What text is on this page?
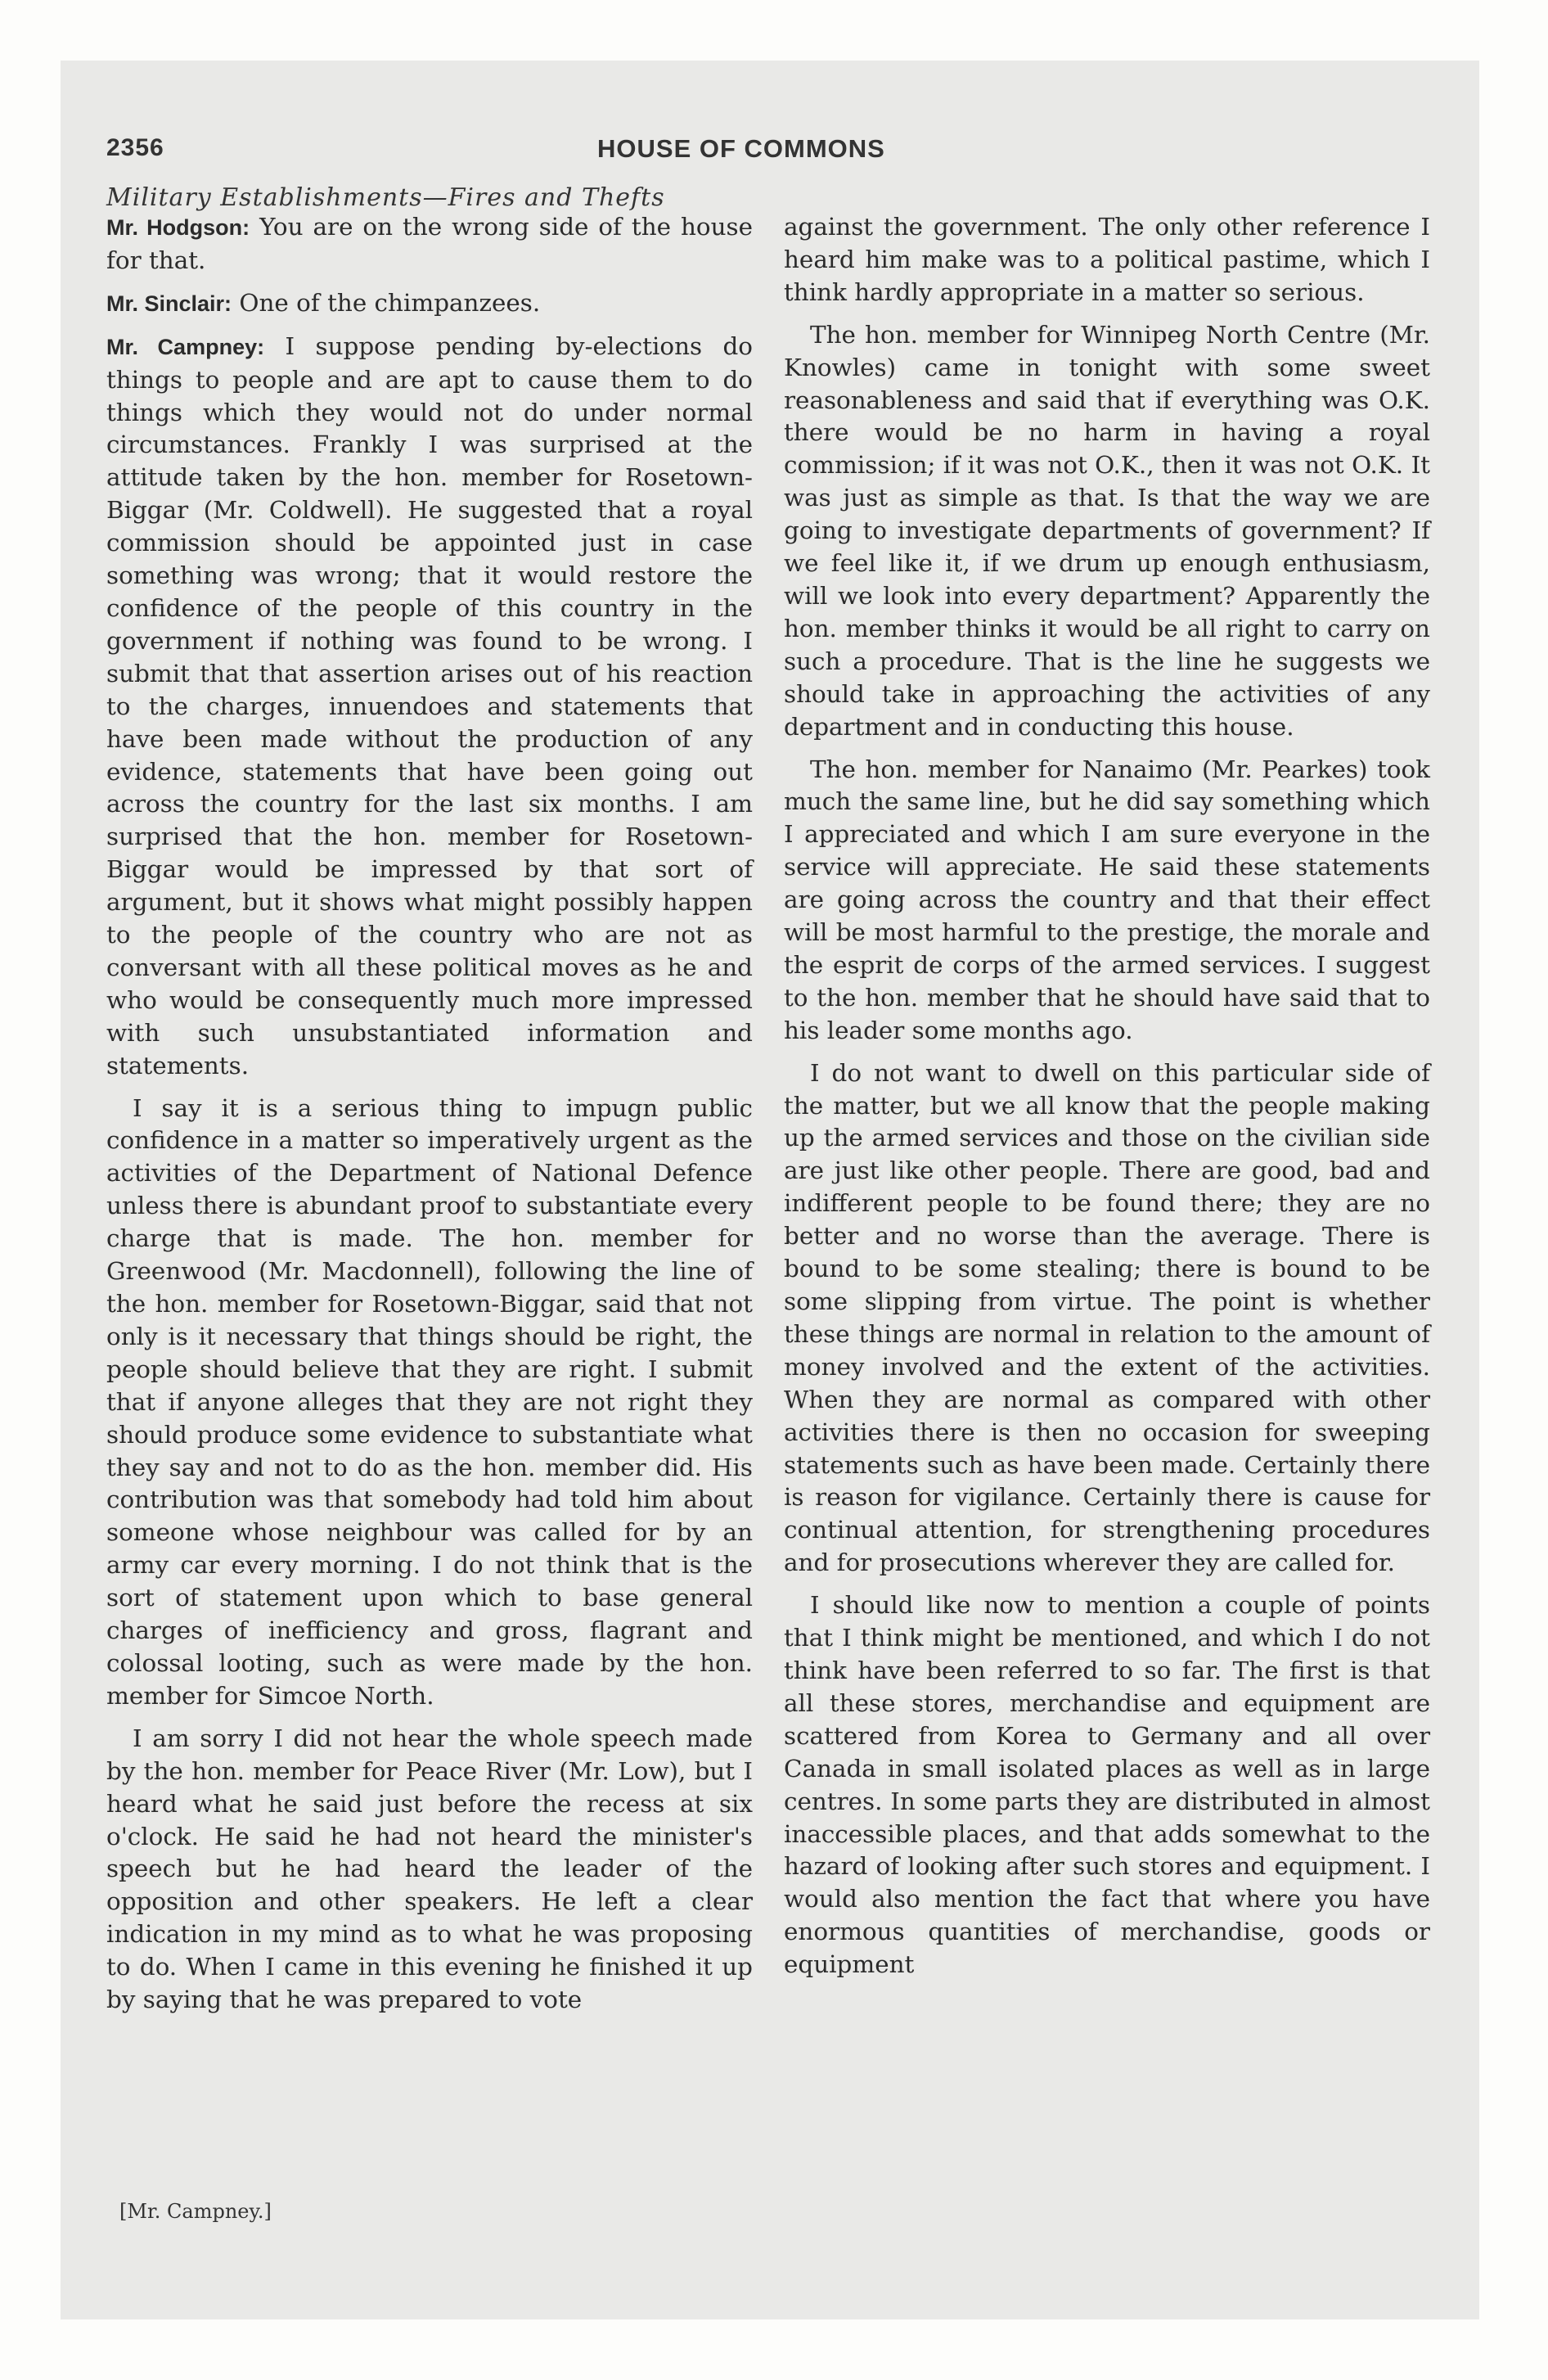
2356	HOUSE OF COMMONS
Military Establishments—Fires and Thefts

Mr. Hodgson: You are on the wrong side of the house for that.

Mr. Sinclair: One of the chimpanzees.

Mr. Campney: I suppose pending by-elections do things to people and are apt to cause them to do things which they would not do under normal circumstances. Frankly I was surprised at the attitude taken by the hon. member for Rosetown-Biggar (Mr. Coldwell). He suggested that a royal commission should be appointed just in case something was wrong; that it would restore the confidence of the people of this country in the government if nothing was found to be wrong. I submit that that assertion arises out of his reaction to the charges, innuendoes and statements that have been made without the production of any evidence, statements that have been going out across the country for the last six months. I am surprised that the hon. member for Rosetown-Biggar would be impressed by that sort of argument, but it shows what might possibly happen to the people of the country who are not as conversant with all these political moves as he and who would be consequently much more impressed with such unsubstantiated information and statements.

I say it is a serious thing to impugn public confidence in a matter so imperatively urgent as the activities of the Department of National Defence unless there is abundant proof to substantiate every charge that is made. The hon. member for Greenwood (Mr. Macdonnell), following the line of the hon. member for Rosetown-Biggar, said that not only is it necessary that things should be right, the people should believe that they are right. I submit that if anyone alleges that they are not right they should produce some evidence to substantiate what they say and not to do as the hon. member did. His contribution was that somebody had told him about someone whose neighbour was called for by an army car every morning. I do not think that is the sort of statement upon which to base general charges of inefficiency and gross, flagrant and colossal looting, such as were made by the hon. member for Simcoe North.

I am sorry I did not hear the whole speech made by the hon. member for Peace River (Mr. Low), but I heard what he said just before the recess at six o'clock. He said he had not heard the minister's speech but he had heard the leader of the opposition and other speakers. He left a clear indication in my mind as to what he was proposing to do. When I came in this evening he finished it up by saying that he was prepared to vote

against the government. The only other reference I heard him make was to a political pastime, which I think hardly appropriate in a matter so serious.

The hon. member for Winnipeg North Centre (Mr. Knowles) came in tonight with some sweet reasonableness and said that if everything was O.K. there would be no harm in having a royal commission; if it was not O.K., then it was not O.K. It was just as simple as that. Is that the way we are going to investigate departments of government? If we feel like it, if we drum up enough enthusiasm, will we look into every department? Apparently the hon. member thinks it would be all right to carry on such a procedure. That is the line he suggests we should take in approaching the activities of any department and in conducting this house.

The hon. member for Nanaimo (Mr. Pearkes) took much the same line, but he did say something which I appreciated and which I am sure everyone in the service will appreciate. He said these statements are going across the country and that their effect will be most harmful to the prestige, the morale and the esprit de corps of the armed services. I suggest to the hon. member that he should have said that to his leader some months ago.

I do not want to dwell on this particular side of the matter, but we all know that the people making up the armed services and those on the civilian side are just like other people. There are good, bad and indifferent people to be found there; they are no better and no worse than the average. There is bound to be some stealing; there is bound to be some slipping from virtue. The point is whether these things are normal in relation to the amount of money involved and the extent of the activities. When they are normal as compared with other activities there is then no occasion for sweeping statements such as have been made. Certainly there is reason for vigilance. Certainly there is cause for continual attention, for strengthening procedures and for prosecutions wherever they are called for.

I should like now to mention a couple of points that I think might be mentioned, and which I do not think have been referred to so far. The first is that all these stores, merchandise and equipment are scattered from Korea to Germany and all over Canada in small isolated places as well as in large centres. In some parts they are distributed in almost inaccessible places, and that adds somewhat to the hazard of looking after such stores and equipment. I would also mention the fact that where you have enormous quantities of merchandise, goods or equipment

[Mr. Campney.]
